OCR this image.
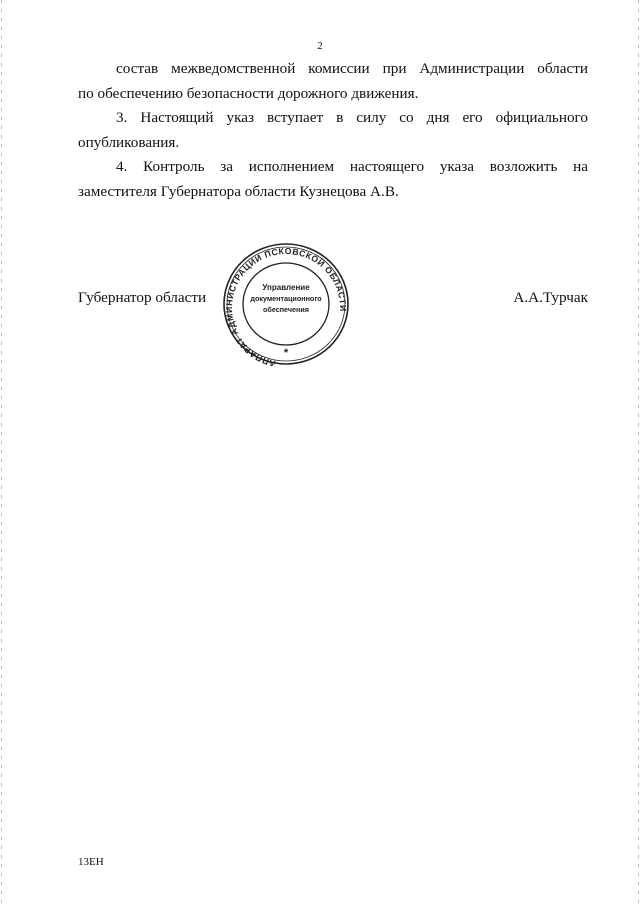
2
состав межведомственной комиссии при Администрации области
по обеспечению безопасности дорожного движения.
3. Настоящий указ вступает в силу со дня его официального
опубликования.
4. Контроль за исполнением настоящего указа возложить на
заместителя Губернатора области Кузнецова А.В.
Губернатор области	А.А.Турчак
АППАРАТ АДМИНИСТРАЦИИ ПСКОВСКОЙ ОБЛАСТИ
Управление
документационного
обеспечения
*
13ЕН
